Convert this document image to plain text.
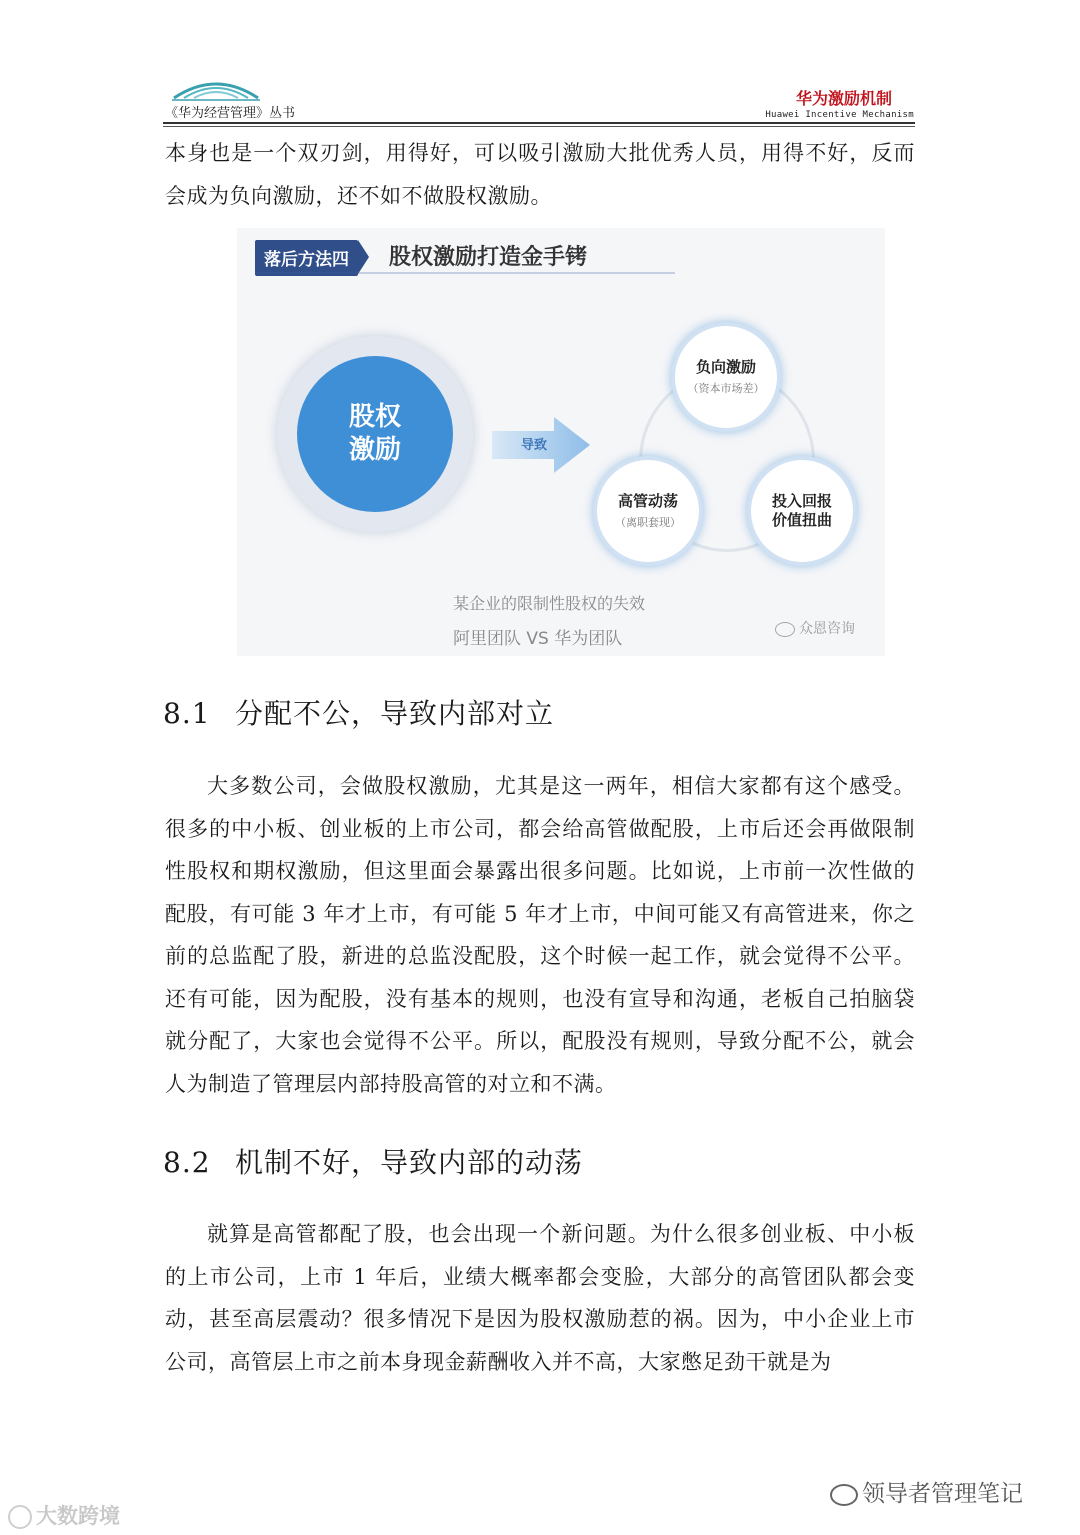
《华为经营管理》丛书
华为激励机制
Huawei Incentive Mechanism
本身也是一个双刃剑，用得好，可以吸引激励大批优秀人员，用得不好，反而会成为负向激励，还不如不做股权激励。
落后方法四	股权激励打造金手铐
股权
激励	导致
负向激励
（资本市场差）
高管动荡
（离职套现）
投入回报
价值扭曲
某企业的限制性股权的失效
阿里团队 VS 华为团队	众恩咨询
8.1 分配不公，导致内部对立
大多数公司，会做股权激励，尤其是这一两年，相信大家都有这个感受。很多的中小板、创业板的上市公司，都会给高管做配股，上市后还会再做限制性股权和期权激励，但这里面会暴露出很多问题。比如说，上市前一次性做的配股，有可能 3 年才上市，有可能 5 年才上市，中间可能又有高管进来，你之前的总监配了股，新进的总监没配股，这个时候一起工作，就会觉得不公平。还有可能，因为配股，没有基本的规则，也没有宣导和沟通，老板自己拍脑袋就分配了，大家也会觉得不公平。所以，配股没有规则，导致分配不公，就会人为制造了管理层内部持股高管的对立和不满。
8.2 机制不好，导致内部的动荡
就算是高管都配了股，也会出现一个新问题。为什么很多创业板、中小板的上市公司，上市 1 年后，业绩大概率都会变脸，大部分的高管团队都会变动，甚至高层震动？很多情况下是因为股权激励惹的祸。因为，中小企业上市公司，高管层上市之前本身现金薪酬收入并不高，大家憋足劲干就是为
领导者管理笔记
大数跨境
